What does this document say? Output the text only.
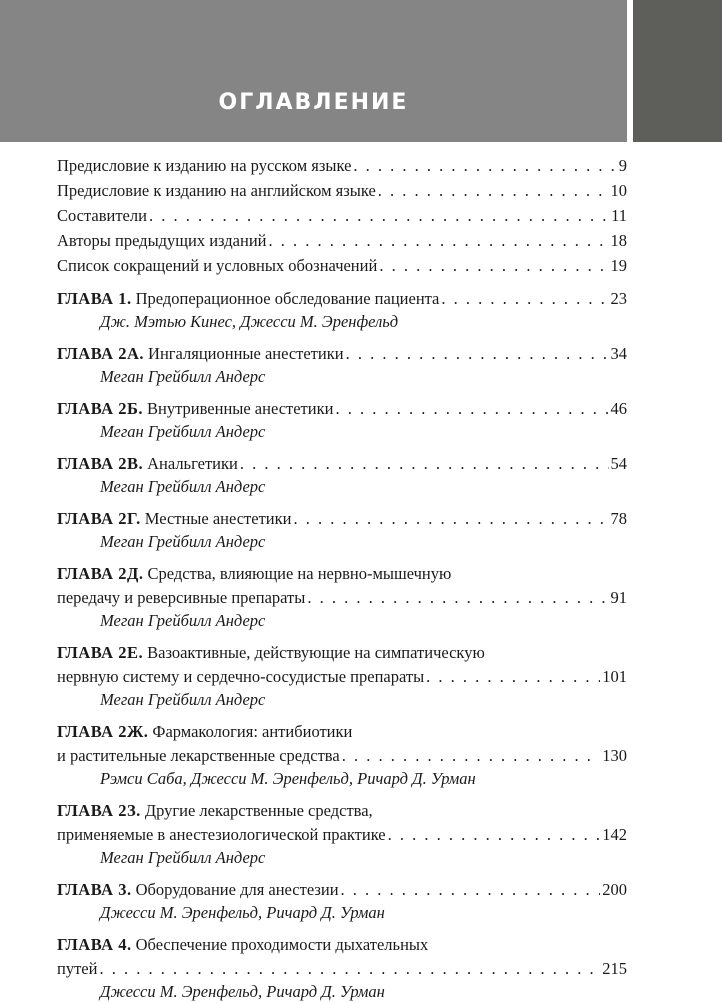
ОГЛАВЛЕНИЕ
Предисловие к изданию на русском языке . . .	9
Предисловие к изданию на английском языке . . .	10
Составители . . .	11
Авторы предыдущих изданий . . .	18
Список сокращений и условных обозначений . . .	19
ГЛАВА 1. Предоперационное обследование пациента . . .	23
Дж. Мэтью Кинес, Джесси М. Эренфельд
ГЛАВА 2А. Ингаляционные анестетики . . .	34
Меган Грейбилл Андерс
ГЛАВА 2Б. Внутривенные анестетики . . .	46
Меган Грейбилл Андерс
ГЛАВА 2В. Анальгетики . . .	54
Меган Грейбилл Андерс
ГЛАВА 2Г. Местные анестетики . . .	78
Меган Грейбилл Андерс
ГЛАВА 2Д. Средства, влияющие на нервно-мышечную
передачу и реверсивные препараты . . .	91
Меган Грейбилл Андерс
ГЛАВА 2Е. Вазоактивные, действующие на симпатическую
нервную систему и сердечно-сосудистые препараты . . .	101
Меган Грейбилл Андерс
ГЛАВА 2Ж. Фармакология: антибиотики
и растительные лекарственные средства . . .	130
Рэмси Саба, Джесси М. Эренфельд, Ричард Д. Урман
ГЛАВА 2З. Другие лекарственные средства,
применяемые в анестезиологической практике . . .	142
Меган Грейбилл Андерс
ГЛАВА 3. Оборудование для анестезии . . .	200
Джесси М. Эренфельд, Ричард Д. Урман
ГЛАВА 4. Обеспечение проходимости дыхательных
путей . . .	215
Джесси М. Эренфельд, Ричард Д. Урман
